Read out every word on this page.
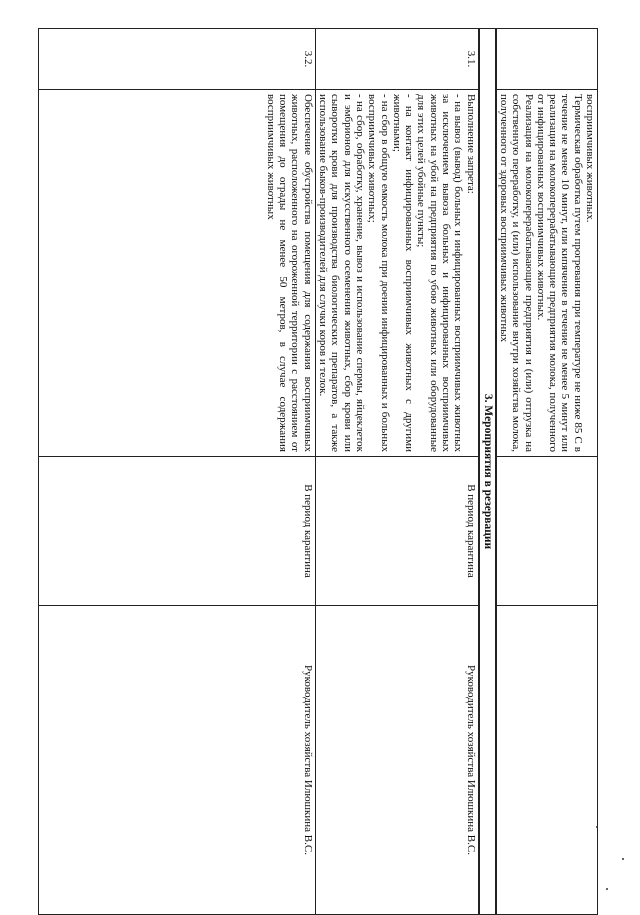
	восприимчивых животных.

Термическая обработка путем прогревания при температуре не ниже 85 С в течение не менее 10 минут, или кипячение в течение не менее 5 минут или реализация на молокоперерабатывающие предприятия молока, полученного от инфицированных восприимчивых животных.

Реализация на молокоперерабатывающие предприятия и (или) отгрузка на собственную переработку, и (или) использование внутри хозяйства молока, полученного от здоровых восприимчивых животных		

3. Мероприятия в резервации			
3.1.	Выполнение запрета:

- на вывоз (вывод) больных и инфицированных восприимчивых животных за исключением вывоза больных и инфицированных восприимчивых животных на убой на предприятия по убою животных или оборудованные для этих целей убойные пункты;

- на контакт инфицированных восприимчивых животных с другими животными;

- на сбор в общую емкость молока при доении инфицированных и больных восприимчивых животных;

- на сбор, обработку, хранение, вывоз и использование спермы, яйцеклеток и эмбрионов для искусственного осеменения животных, сбор крови или сыворотки крови для производства биологических препаратов, а также использование быков-производителей для случки коров и телок.	В период карантина	Руководитель хозяйства Илюшкина В.С.
3.2.	Обеспечение обустройства помещения для содержания восприимчивых животных, расположенного на огороженной территории с расстоянием от помещения до ограды не менее 50 метров, в случае содержания восприимчивых животных	В период карантина	Руководитель хозяйства Илюшкина В.С.
